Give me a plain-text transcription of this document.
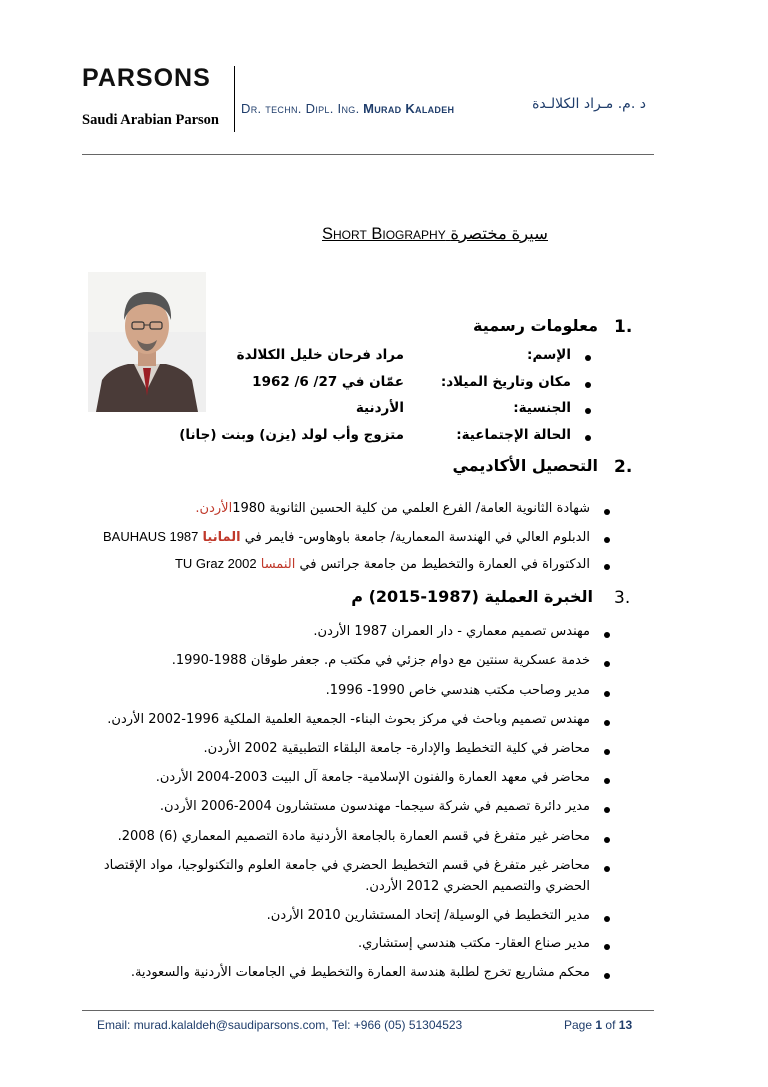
PARSONS
Saudi Arabian Parson
Dr. techn. Dipl. Ing. Murad Kaladeh	د .م. مـراد الكلالـدة
Short Biography سيرة مختصرة
1.
معلومات رسمية
الإسم:
مراد فرحان خليل الكلالدة
مكان وتاريخ الميلاد:
عمّان في 27/ 6/ 1962
الجنسية:
الأردنية
الحالة الإجتماعية:
متزوج وأب لولد (يزن) وبنت (جانا)
2.
التحصيل الأكاديمي
شهادة الثانوية العامة/ الفرع العلمي من كلية الحسين الثانوية 1980الأردن.
الدبلوم العالي في الهندسة المعمارية/ جامعة باوهاوس- فايمر في المانيا BAUHAUS 1987
الدكتوراة في العمارة والتخطيط من جامعة جراتس في النمسا TU Graz 2002
3.
الخبرة العملية (1987-2015) م
مهندس تصميم معماري - دار العمران 1987 الأردن.
خدمة عسكرية سنتين مع دوام جزئي في مكتب م. جعفر طوقان 1988-1990.
مدير وصاحب مكتب هندسي خاص 1990- 1996.
مهندس تصميم وباحث في مركز بحوث البناء- الجمعية العلمية الملكية 1996-2002 الأردن.
محاضر في كلية التخطيط والإدارة- جامعة البلقاء التطبيقية 2002 الأردن.
محاضر في معهد العمارة والفنون الإسلامية- جامعة آل البيت 2003-2004 الأردن.
مدير دائرة تصميم في شركة سيجما- مهندسون مستشارون 2004-2006 الأردن.
محاضر غير متفرغ في قسم العمارة بالجامعة الأردنية مادة التصميم المعماري (6) 2008.
محاضر غير متفرغ في قسم التخطيط الحضري في جامعة العلوم والتكنولوجيا، مواد الإقتصاد
الحضري والتصميم الحضري 2012 الأردن.
مدير التخطيط في الوسيلة/ إتحاد المستشارين 2010 الأردن.
مدير صناع العقار- مكتب هندسي إستشاري.
محكم مشاريع تخرج لطلبة هندسة العمارة والتخطيط في الجامعات الأردنية والسعودية.
Email: murad.kalaldeh@saudiparsons.com, Tel: +966 (05) 51304523	Page 1 of 13
